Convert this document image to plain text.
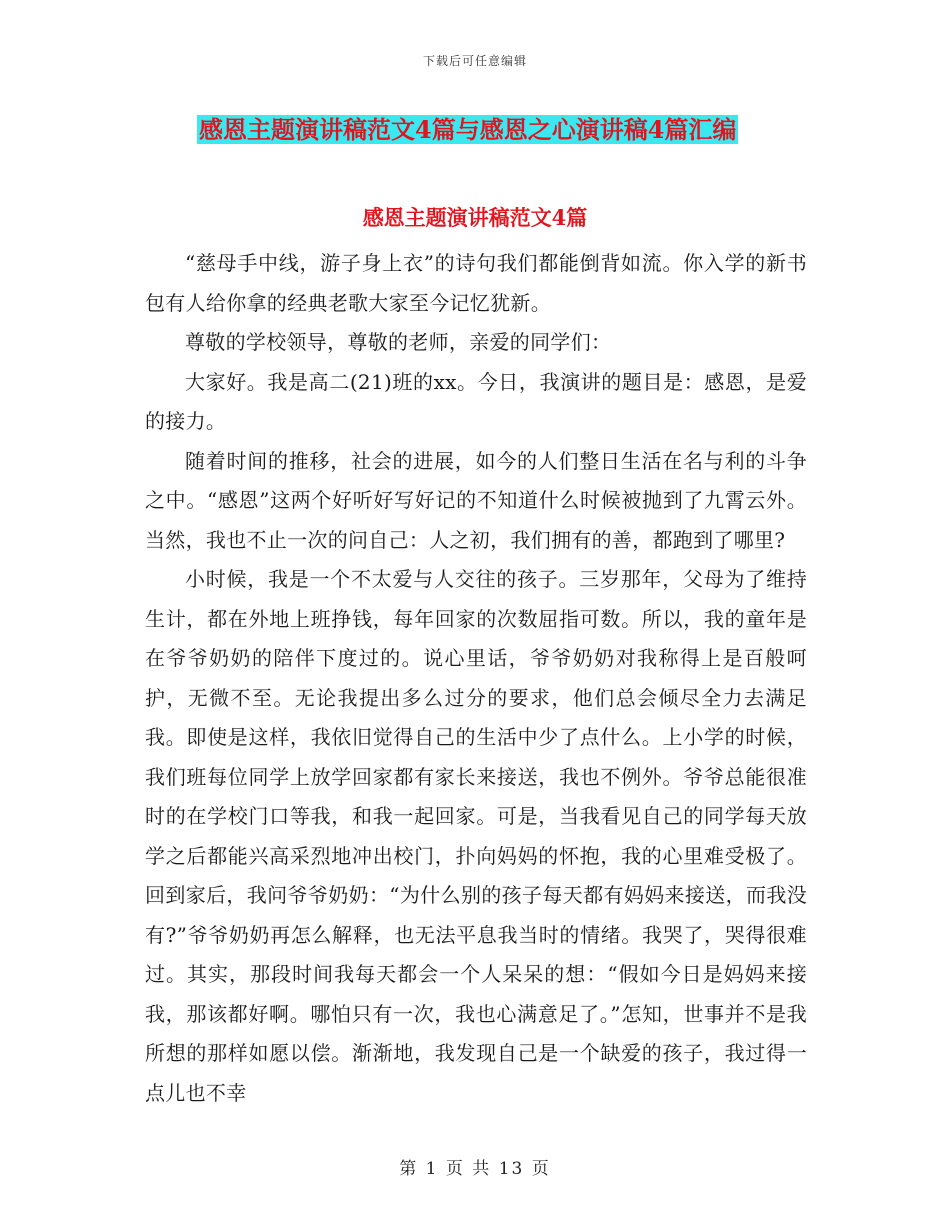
下载后可任意编辑
感恩主题演讲稿范文4篇与感恩之心演讲稿4篇汇编
感恩主题演讲稿范文4篇

“慈母手中线，游子身上衣”的诗句我们都能倒背如流。你入学的新书包有人给你拿的经典老歌大家至今记忆犹新。

尊敬的学校领导，尊敬的老师，亲爱的同学们：

大家好。我是高二(21)班的xx。今日，我演讲的题目是：感恩，是爱的接力。

随着时间的推移，社会的进展，如今的人们整日生活在名与利的斗争之中。“感恩”这两个好听好写好记的不知道什么时候被抛到了九霄云外。当然，我也不止一次的问自己：人之初，我们拥有的善，都跑到了哪里?

小时候，我是一个不太爱与人交往的孩子。三岁那年，父母为了维持生计，都在外地上班挣钱，每年回家的次数屈指可数。所以，我的童年是在爷爷奶奶的陪伴下度过的。说心里话，爷爷奶奶对我称得上是百般呵护，无微不至。无论我提出多么过分的要求，他们总会倾尽全力去满足我。即使是这样，我依旧觉得自己的生活中少了点什么。上小学的时候，我们班每位同学上放学回家都有家长来接送，我也不例外。爷爷总能很准时的在学校门口等我，和我一起回家。可是，当我看见自己的同学每天放学之后都能兴高采烈地冲出校门，扑向妈妈的怀抱，我的心里难受极了。回到家后，我问爷爷奶奶：“为什么别的孩子每天都有妈妈来接送，而我没有?”爷爷奶奶再怎么解释，也无法平息我当时的情绪。我哭了，哭得很难过。其实，那段时间我每天都会一个人呆呆的想：“假如今日是妈妈来接我，那该都好啊。哪怕只有一次，我也心满意足了。”怎知，世事并不是我所想的那样如愿以偿。渐渐地，我发现自己是一个缺爱的孩子，我过得一点儿也不幸

第 1 页 共 13 页
